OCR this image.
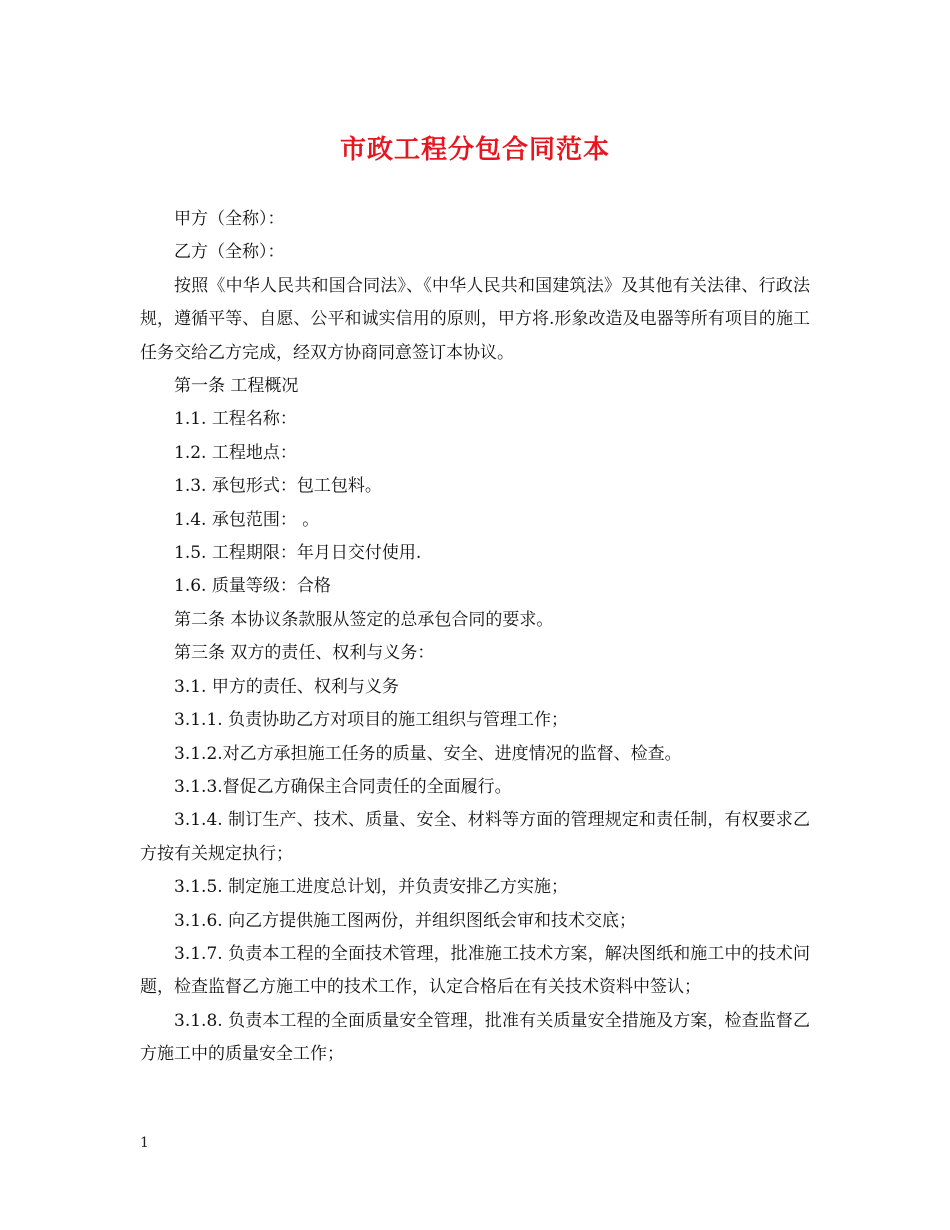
市政工程分包合同范本

甲方（全称）：

乙方（全称）：

按照《中华人民共和国合同法》、《中华人民共和国建筑法》及其他有关法律、行政法规，遵循平等、自愿、公平和诚实信用的原则，甲方将.形象改造及电器等所有项目的施工任务交给乙方完成，经双方协商同意签订本协议。

第一条 工程概况

1.1. 工程名称：

1.2. 工程地点：

1.3. 承包形式：包工包料。

1.4. 承包范围： 。

1.5. 工程期限：年月日交付使用.

1.6. 质量等级：合格

第二条 本协议条款服从签定的总承包合同的要求。

第三条 双方的责任、权利与义务：

3.1. 甲方的责任、权利与义务

3.1.1. 负责协助乙方对项目的施工组织与管理工作；

3.1.2.对乙方承担施工任务的质量、安全、进度情况的监督、检查。

3.1.3.督促乙方确保主合同责任的全面履行。

3.1.4. 制订生产、技术、质量、安全、材料等方面的管理规定和责任制，有权要求乙方按有关规定执行；

3.1.5. 制定施工进度总计划，并负责安排乙方实施；

3.1.6. 向乙方提供施工图两份，并组织图纸会审和技术交底；

3.1.7. 负责本工程的全面技术管理，批准施工技术方案，解决图纸和施工中的技术问题，检查监督乙方施工中的技术工作，认定合格后在有关技术资料中签认；

3.1.8. 负责本工程的全面质量安全管理，批准有关质量安全措施及方案，检查监督乙方施工中的质量安全工作；

1
